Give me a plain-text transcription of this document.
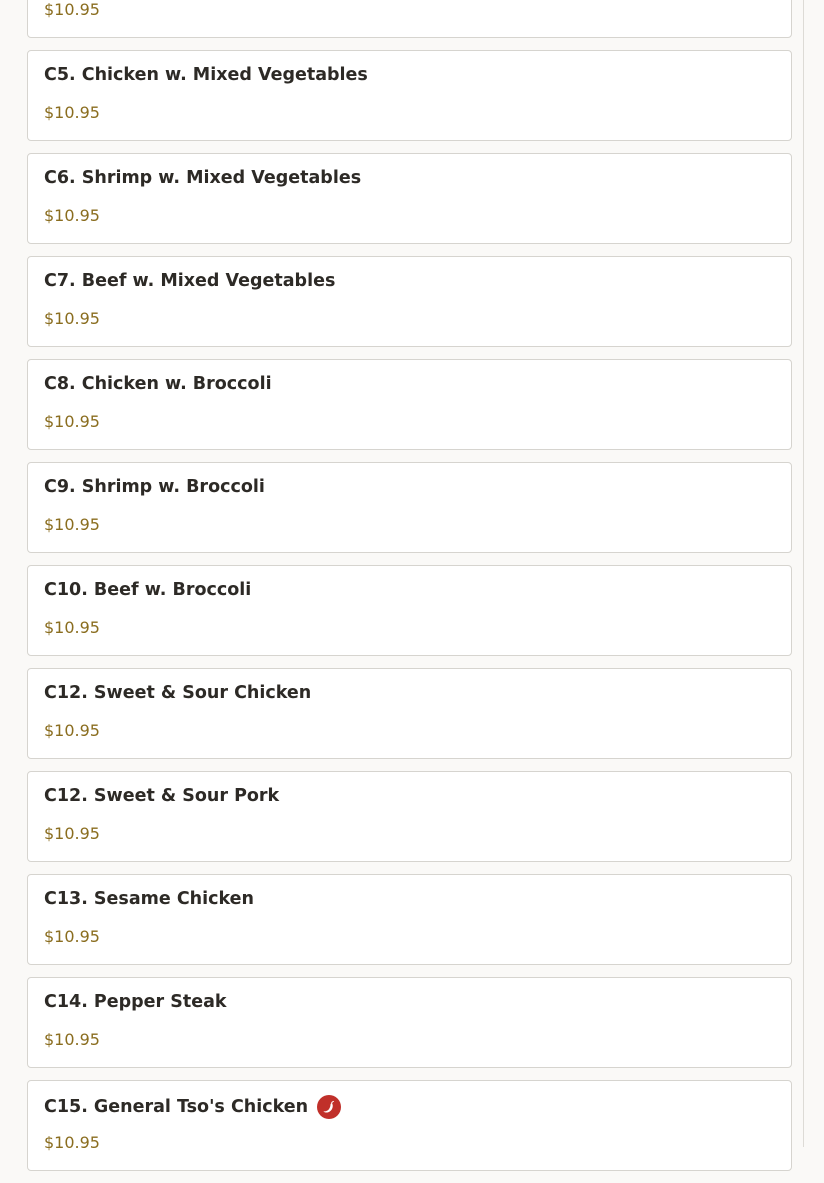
$10.95
C5. Chicken w. Mixed Vegetables
$10.95
C6. Shrimp w. Mixed Vegetables
$10.95
C7. Beef w. Mixed Vegetables
$10.95
C8. Chicken w. Broccoli
$10.95
C9. Shrimp w. Broccoli
$10.95
C10. Beef w. Broccoli
$10.95
C12. Sweet & Sour Chicken
$10.95
C12. Sweet & Sour Pork
$10.95
C13. Sesame Chicken
$10.95
C14. Pepper Steak
$10.95
C15. General Tso's Chicken
$10.95
